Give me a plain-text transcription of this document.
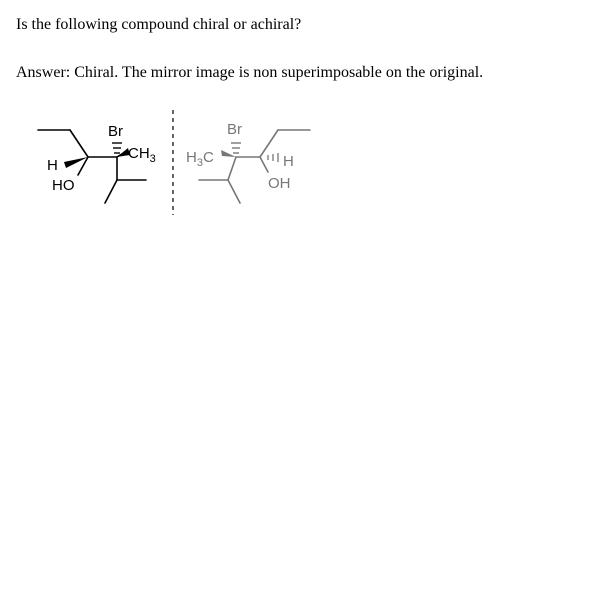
Is the following compound chiral or achiral?

Answer: Chiral. The mirror image is non superimposable on the original.

Br
$CH_3$
H
HO
Br
$H_3C$	H
OH
